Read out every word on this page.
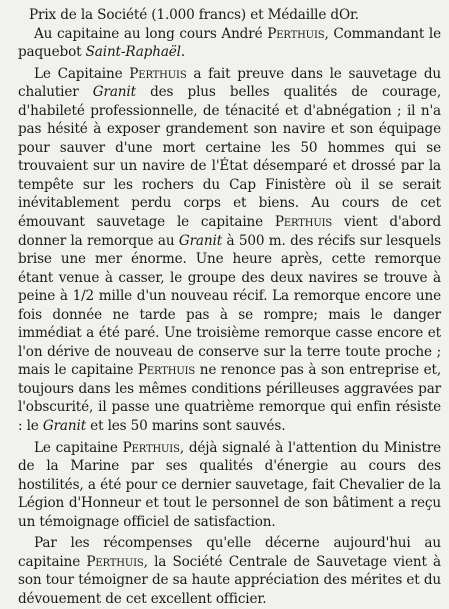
Prix de la Société (1.000 francs) et Médaille dOr.

Au capitaine au long cours André Perthuis, Commandant le paquebot Saint-Raphaël.

Le Capitaine Perthuis a fait preuve dans le sauvetage du chalutier Granit des plus belles qualités de courage, d'habileté professionnelle, de ténacité et d'abnégation ; il n'a pas hésité à exposer grandement son navire et son équipage pour sauver d'une mort certaine les 50 hommes qui se trouvaient sur un navire de l'État désemparé et drossé par la tempête sur les rochers du Cap Finistère où il se serait inévitablement perdu corps et biens. Au cours de cet émouvant sauvetage le capitaine Perthuis vient d'abord donner la remorque au Granit à 500 m. des récifs sur lesquels brise une mer énorme. Une heure après, cette remorque étant venue à casser, le groupe des deux navires se trouve à peine à 1/2 mille d'un nouveau récif. La remorque encore une fois donnée ne tarde pas à se rompre; mais le danger immédiat a été paré. Une troisième remorque casse encore et l'on dérive de nouveau de conserve sur la terre toute proche ; mais le capitaine Perthuis ne renonce pas à son entreprise et, toujours dans les mêmes conditions périlleuses aggravées par l'obscurité, il passe une quatrième remorque qui enfin résiste : le Granit et les 50 marins sont sauvés.

Le capitaine Perthuis, déjà signalé à l'attention du Ministre de la Marine par ses qualités d'énergie au cours des hostilités, a été pour ce dernier sauvetage, fait Chevalier de la Légion d'Honneur et tout le personnel de son bâtiment a reçu un témoignage officiel de satisfaction.

Par les récompenses qu'elle décerne aujourd'hui au capitaine Perthuis, la Société Centrale de Sauvetage vient à son tour témoigner de sa haute appréciation des mérites et du dévouement de cet excellent officier.
